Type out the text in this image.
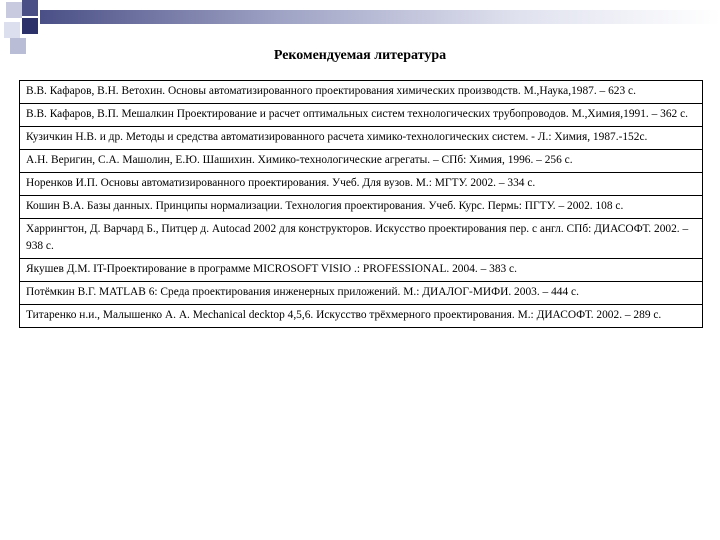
Рекомендуемая литература
В.В. Кафаров, В.Н. Ветохин. Основы автоматизированного проектирования химических производств. М.,Наука,1987. – 623 с.
В.В. Кафаров, В.П. Мешалкин Проектирование и расчет оптимальных систем технологических трубопроводов. М.,Химия,1991. – 362 с.
Кузичкин Н.В. и др. Методы и средства автоматизированного расчета химико-технологических систем. - Л.: Химия, 1987.-152с.
А.Н. Веригин, С.А. Машолин, Е.Ю. Шашихин. Химико-технологические агрегаты. – СПб: Химия, 1996. – 256 с.
Норенков И.П. Основы автоматизированного проектирования. Учеб. Для вузов. М.: МГТУ. 2002. – 334 с.
Кошин В.А. Базы данных. Принципы нормализации. Технология проектирования. Учеб. Курс. Пермь: ПГТУ. – 2002. 108 с.
Харрингтон, Д. Варчард Б., Питцер д. Autocad 2002 для конструкторов. Искусство проектирования пер. с англ. СПб: ДИАСОФТ. 2002. – 938 с.
Якушев Д.М. IT-Проектирование в программе MICROSOFT VISIO .: PROFESSIONAL. 2004. – 383 с.
Потёмкин В.Г. MATLAB 6: Среда проектирования инженерных приложений. М.: ДИАЛОГ-МИФИ. 2003. – 444 с.
Титаренко н.и., Малышенко А. А. Mechanical decktop 4,5,6. Искусство трёхмерного проектирования. М.: ДИАСОФТ. 2002. – 289 с.
